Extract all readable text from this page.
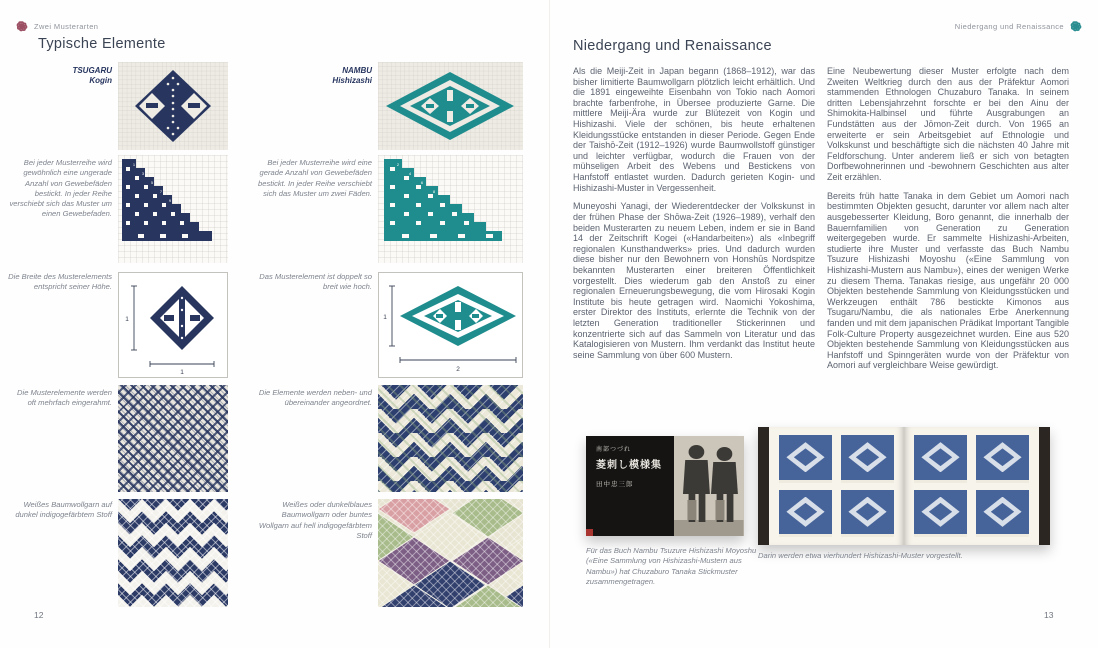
Zwei Musterarten
Typische Elemente
TSUGARU
Kogin
NAMBU
Hishizashi
Bei jeder Musterreihe wird gewöhnlich eine ungerade Anzahl von Gewebefäden bestickt. In jeder Reihe verschiebt sich das Muster um einen Gewebefaden.
1
3
5
7
9
Bei jeder Musterreihe wird eine gerade Anzahl von Gewebefäden bestickt. In jeder Reihe verschiebt sich das Muster um zwei Fäden.
2
4
6
8
Die Breite des Musterelements entspricht seiner Höhe.
1
1
Das Musterelement ist doppelt so breit wie hoch.
1
2
Die Musterelemente werden oft mehrfach eingerahmt.
Die Elemente werden neben- und übereinander angeordnet.
Weißes Baumwollgarn auf dunkel indigogefärbtem Stoff
Weißes oder dunkelblaues Baumwollgarn oder buntes Wollgarn auf hell indigogefärbtem Stoff
12
Niedergang und Renaissance
Niedergang und Renaissance

Als die Meiji-Zeit in Japan begann (1868–1912), war das bisher limitierte Baumwollgarn plötzlich leicht erhältlich. Und die 1891 eingeweihte Eisenbahn von Tokio nach Aomori brachte farbenfrohe, in Übersee produzierte Garne. Die mittlere Meiji-Ära wurde zur Blütezeit von Kogin und Hishizashi. Viele der schönen, bis heute erhaltenen Kleidungsstücke entstanden in dieser Periode. Gegen Ende der Taishō-Zeit (1912–1926) wurde Baumwollstoff günstiger und leichter verfügbar, wodurch die Frauen von der mühseligen Arbeit des Webens und Bestickens von Hanfstoff entlastet wurden. Dadurch gerieten Kogin- und Hishizashi-Muster in Vergessenheit.

Muneyoshi Yanagi, der Wiederentdecker der Volkskunst in der frühen Phase der Shōwa-Zeit (1926–1989), verhalf den beiden Musterarten zu neuem Leben, indem er sie in Band 14 der Zeitschrift Kogei («Handarbeiten») als «Inbegriff regionalen Kunsthandwerks» pries. Und dadurch wurden diese bisher nur den Bewohnern von Honshūs Nordspitze bekannten Musterarten einer breiteren Öffentlichkeit vorgestellt. Dies wiederum gab den Anstoß zu einer regionalen Erneuerungsbewegung, die vom Hirosaki Kogin Institute bis heute getragen wird. Naomichi Yokoshima, erster Direktor des Instituts, erlernte die Technik von der letzten Generation traditioneller Stickerinnen und konzentrierte sich auf das Sammeln von Literatur und das Katalogisieren von Mustern. Ihm verdankt das Institut heute seine Sammlung von über 600 Mustern.

Eine Neubewertung dieser Muster erfolgte nach dem Zweiten Weltkrieg durch den aus der Präfektur Aomori stammenden Ethnologen Chuzaburo Tanaka. In seinem dritten Lebensjahrzehnt forschte er bei den Ainu der Shimokita-Halbinsel und führte Ausgrabungen an Fundstätten aus der Jōmon-Zeit durch. Von 1965 an erweiterte er sein Arbeitsgebiet auf Ethnologie und Volkskunst und beschäftigte sich die nächsten 40 Jahre mit Feldforschung. Unter anderem ließ er sich von betagten Dorfbewohnerinnen und -bewohnern Geschichten aus alter Zeit erzählen.

Bereits früh hatte Tanaka in dem Gebiet um Aomori nach bestimmten Objekten gesucht, darunter vor allem nach alter ausgebesserter Kleidung, Boro genannt, die innerhalb der Bauernfamilien von Generation zu Generation weitergegeben wurde. Er sammelte Hishizashi-Arbeiten, studierte ihre Muster und verfasste das Buch Nambu Tsuzure Hishizashi Moyoshu («Eine Sammlung von Hishizashi-Mustern aus Nambu»), eines der wenigen Werke zu diesem Thema. Tanakas riesige, aus ungefähr 20 000 Objekten bestehende Sammlung von Kleidungsstücken und Werkzeugen enthält 786 bestickte Kimonos aus Tsugaru/Nambu, die als nationales Erbe Anerkennung fanden und mit dem japanischen Prädikat Important Tangible Folk-Culture Property ausgezeichnet wurden. Eine aus 520 Objekten bestehende Sammlung von Kleidungsstücken aus Hanfstoff und Spinngeräten wurde von der Präfektur von Aomori auf vergleichbare Weise gewürdigt.

南部つづれ
菱刺し模様集
田中忠三郎
Für das Buch Nambu Tsuzure Hishizashi Moyoshu («Eine Sammlung von Hishizashi-Mustern aus Nambu») hat Chuzaburo Tanaka Stickmuster zusammengetragen.
Darin werden etwa vierhundert Hishizashi-Muster vorgestellt.
13
